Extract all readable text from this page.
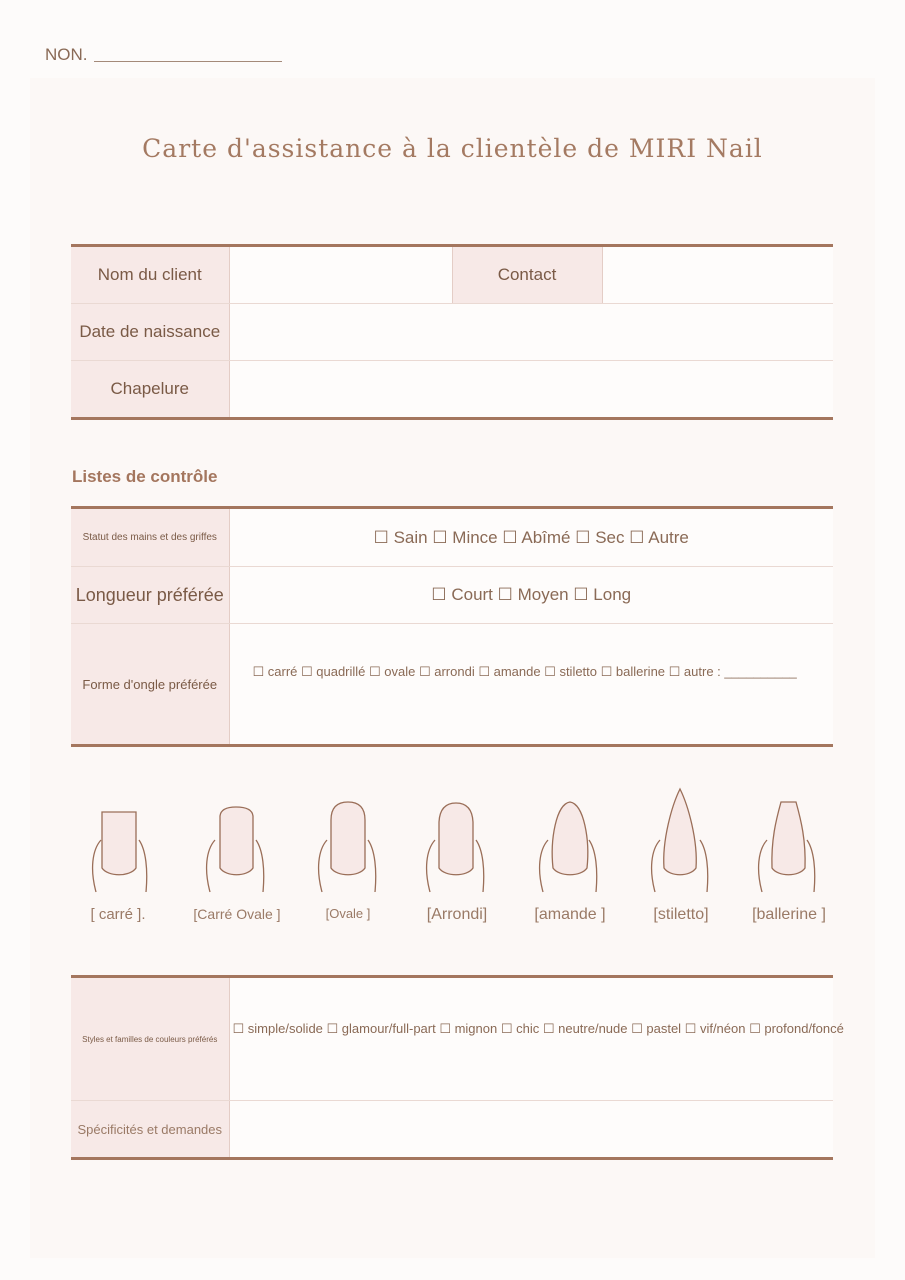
NON.
Carte d'assistance à la clientèle de MIRI Nail
Nom du client		Contact	
Date de naissance			
Chapelure			
Listes de contrôle
Statut des mains et des griffes	☐ Sain ☐ Mince ☐ Abîmé ☐ Sec ☐ Autre
Longueur préférée	☐ Court ☐ Moyen ☐ Long
Forme d'ongle préférée	☐ carré ☐ quadrillé ☐ ovale ☐ arrondi ☐ amande ☐ stiletto ☐ ballerine ☐ autre : __________
[ carré ].	[Carré Ovale ]	[Ovale ]	[Arrondi]	[amande ]	[stiletto]	[ballerine ]
Styles et familles de couleurs préférés	☐ simple/solide ☐ glamour/full-part ☐ mignon ☐ chic ☐ neutre/nude ☐ pastel ☐ vif/néon ☐ profond/foncé
Spécificités et demandes	
